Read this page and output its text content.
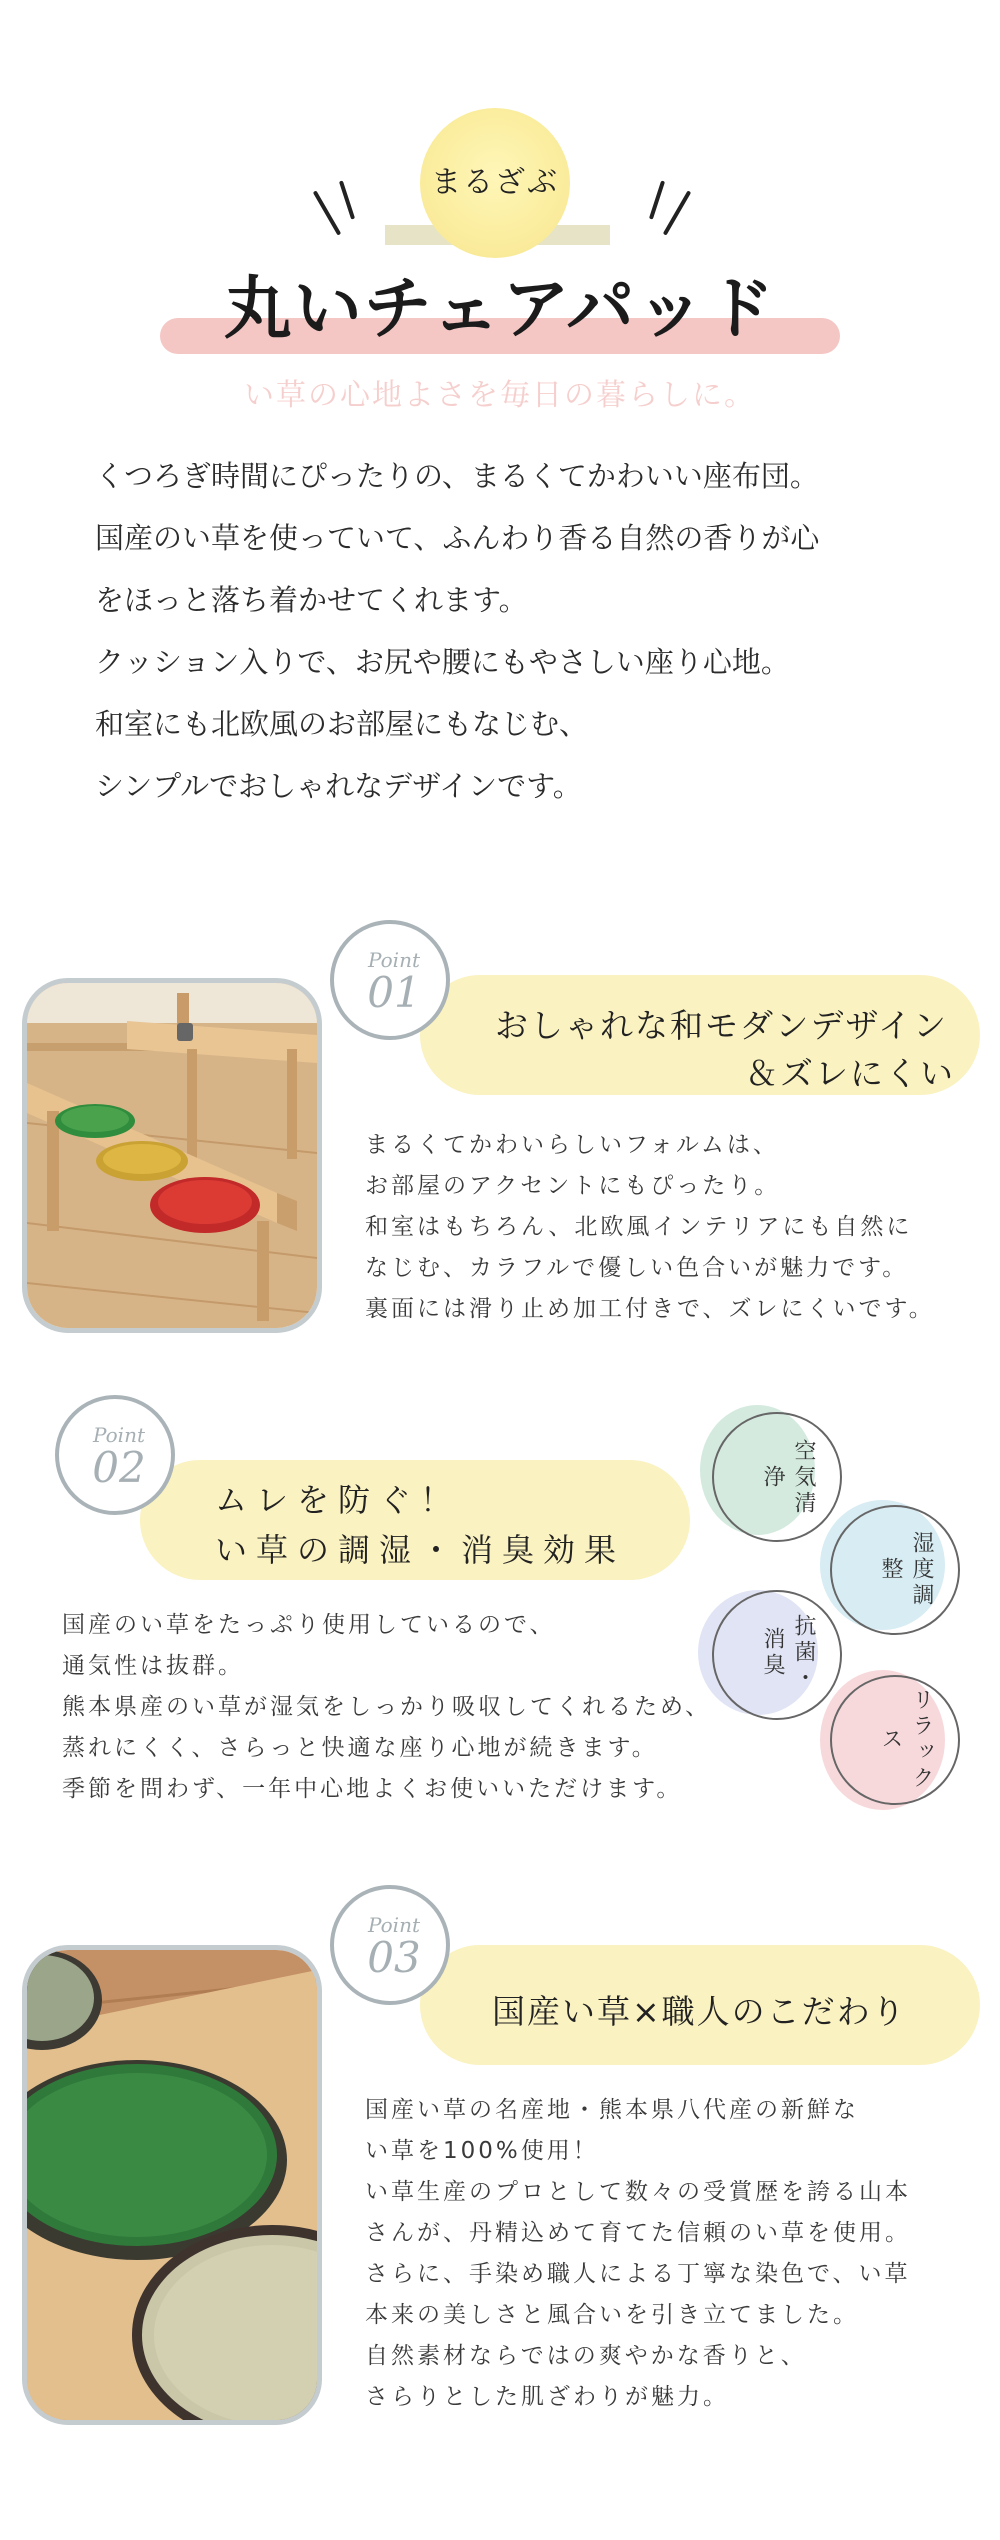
まるざぶ
丸いチェアパッド
い草の心地よさを毎日の暮らしに。
くつろぎ時間にぴったりの、まるくてかわいい座布団。
国産のい草を使っていて、ふんわり香る自然の香りが心
をほっと落ち着かせてくれます。
クッション入りで、お尻や腰にもやさしい座り心地。
和室にも北欧風のお部屋にもなじむ、
シンプルでおしゃれなデザインです。
Point
01
おしゃれな和モダンデザイン
＆ズレにくい
まるくてかわいらしいフォルムは、
お部屋のアクセントにもぴったり。
和室はもちろん、北欧風インテリアにも自然に
なじむ、カラフルで優しい色合いが魅力です。
裏面には滑り止め加工付きで、ズレにくいです。
Point
02
ムレを防ぐ！
い草の調湿・消臭効果
国産のい草をたっぷり使用しているので、
通気性は抜群。
熊本県産のい草が湿気をしっかり吸収してくれるため、
蒸れにくく、さらっと快適な座り心地が続きます。
季節を問わず、一年中心地よくお使いいただけます。
空気清浄
湿度調整
抗菌・消臭
リラックス
Point
03
国産い草×職人のこだわり
国産い草の名産地・熊本県八代産の新鮮な
い草を100%使用！
い草生産のプロとして数々の受賞歴を誇る山本
さんが、丹精込めて育てた信頼のい草を使用。
さらに、手染め職人による丁寧な染色で、い草
本来の美しさと風合いを引き立てました。
自然素材ならではの爽やかな香りと、
さらりとした肌ざわりが魅力。
